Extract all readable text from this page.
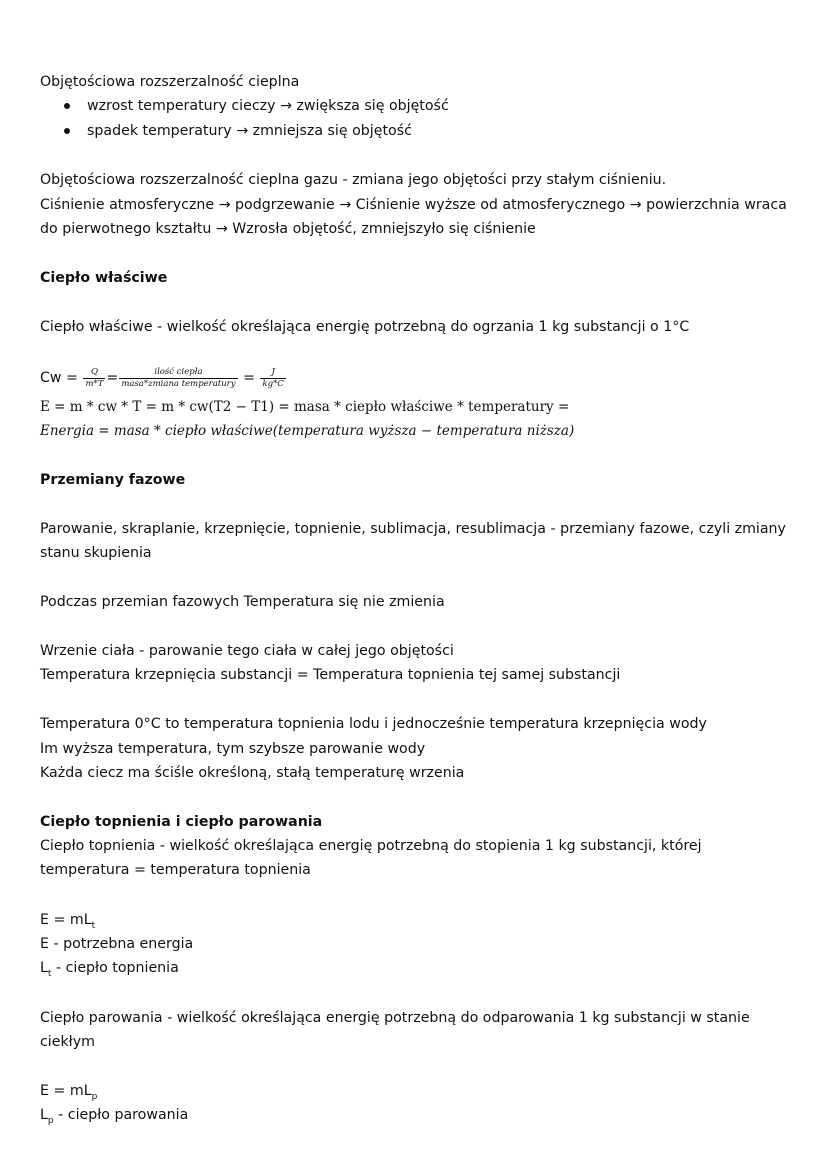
Objętościowa rozszerzalność cieplna
wzrost temperatury cieczy → zwiększa się objętość
spadek temperatury → zmniejsza się objętość
Objętościowa rozszerzalność cieplna gazu - zmiana jego objętości przy stałym ciśnieniu.
Ciśnienie atmosferyczne → podgrzewanie → Ciśnienie wyższe od atmosferycznego → powierzchnia wraca
do pierwotnego kształtu → Wzrosła objętość, zmniejszyło się ciśnienie
Ciepło właściwe
Ciepło właściwe - wielkość określająca energię potrzebną do ogrzania 1 kg substancji o 1°C
$Cw = \frac{Q}{m*T} = \frac{\text{ilość ciepła}}{\text{masa*zmiana temperatury}} = \frac{J}{kg*C}$
E = m * cw * T = m * cw(T2 − T1) = masa * ciepło właściwe * temperatury =
Energia = masa * ciepło właściwe(temperatura wyższa − temperatura niższa)
Przemiany fazowe
Parowanie, skraplanie, krzepnięcie, topnienie, sublimacja, resublimacja - przemiany fazowe, czyli zmiany
stanu skupienia
Podczas przemian fazowych Temperatura się nie zmienia
Wrzenie ciała - parowanie tego ciała w całej jego objętości
Temperatura krzepnięcia substancji = Temperatura topnienia tej samej substancji
Temperatura 0°C to temperatura topnienia lodu i jednocześnie temperatura krzepnięcia wody
Im wyższa temperatura, tym szybsze parowanie wody
Każda ciecz ma ściśle określoną, stałą temperaturę wrzenia
Ciepło topnienia i ciepło parowania
Ciepło topnienia - wielkość określająca energię potrzebną do stopienia 1 kg substancji, której
temperatura = temperatura topnienia
$E = mL_t$
E - potrzebna energia
$L_t$ - ciepło topnienia
Ciepło parowania - wielkość określająca energię potrzebną do odparowania 1 kg substancji w stanie
ciekłym
$E = mL_p$
$L_p$ - ciepło parowania
